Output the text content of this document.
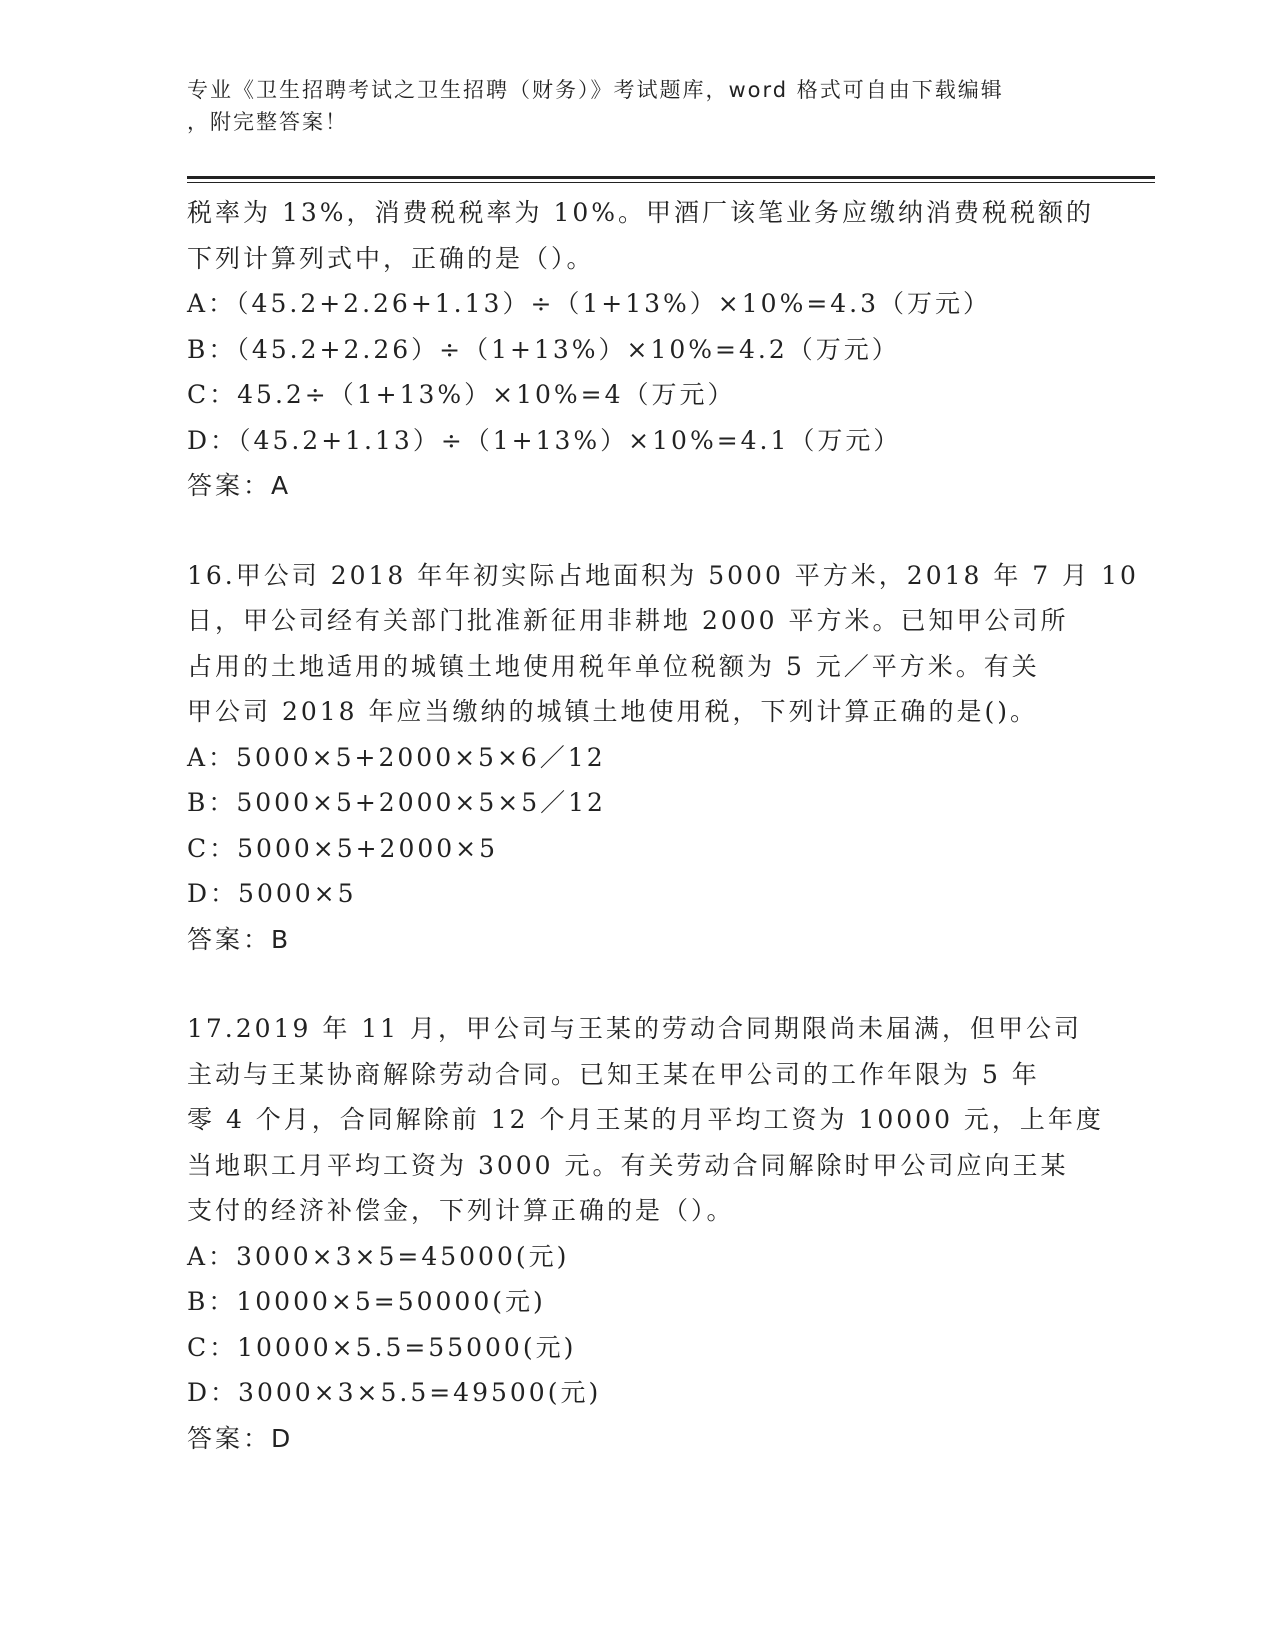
专业《卫生招聘考试之卫生招聘（财务）》考试题库，word 格式可自由下载编辑
，附完整答案！
税率为 13%，消费税税率为 10%。甲酒厂该笔业务应缴纳消费税税额的
下列计算列式中，正确的是（）。
A：（45.2+2.26+1.13）÷（1+13%）×10%=4.3（万元）
B：（45.2+2.26）÷（1+13%）×10%=4.2（万元）
C：45.2÷（1+13%）×10%=4（万元）
D：（45.2+1.13）÷（1+13%）×10%=4.1（万元）
答案：A
16.甲公司 2018 年年初实际占地面积为 5000 平方米，2018 年 7 月 10
日，甲公司经有关部门批准新征用非耕地 2000 平方米。已知甲公司所
占用的土地适用的城镇土地使用税年单位税额为 5 元／平方米。有关
甲公司 2018 年应当缴纳的城镇土地使用税，下列计算正确的是()。
A：5000×5+2000×5×6／12
B：5000×5+2000×5×5／12
C：5000×5+2000×5
D：5000×5
答案：B
17.2019 年 11 月，甲公司与王某的劳动合同期限尚未届满，但甲公司
主动与王某协商解除劳动合同。已知王某在甲公司的工作年限为 5 年
零 4 个月，合同解除前 12 个月王某的月平均工资为 10000 元，上年度
当地职工月平均工资为 3000 元。有关劳动合同解除时甲公司应向王某
支付的经济补偿金，下列计算正确的是（）。
A：3000×3×5=45000(元)
B：10000×5=50000(元)
C：10000×5.5=55000(元)
D：3000×3×5.5=49500(元)
答案：D
